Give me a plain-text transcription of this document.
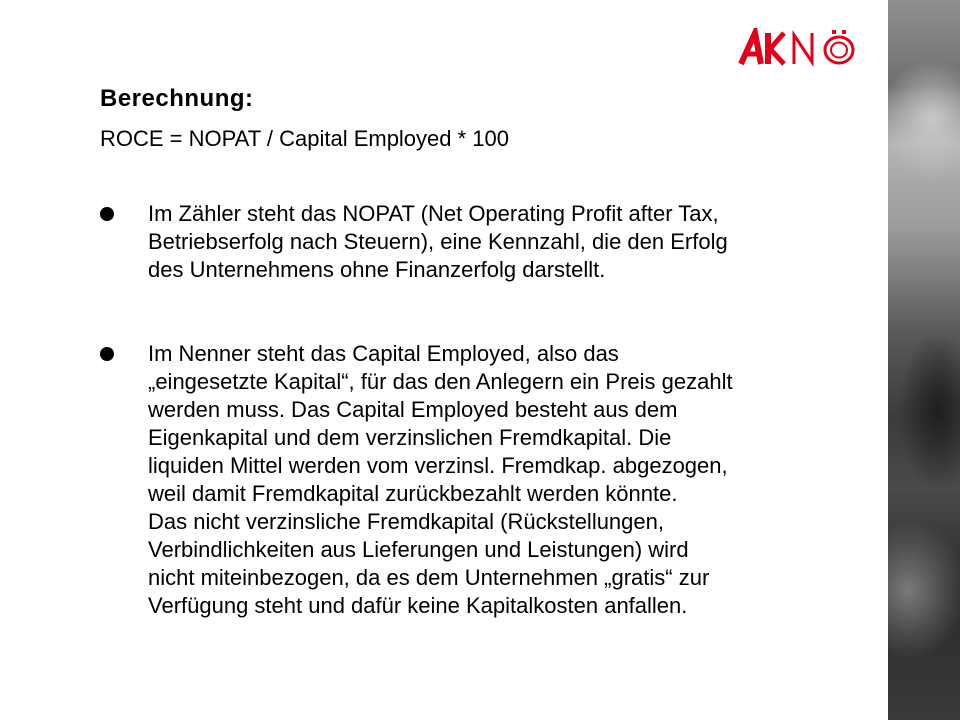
Berechnung:
ROCE = NOPAT / Capital Employed * 100
Im Zähler steht das NOPAT (Net Operating Profit after Tax,
Betriebserfolg nach Steuern), eine Kennzahl, die den Erfolg
des Unternehmens ohne Finanzerfolg darstellt.
Im Nenner steht das Capital Employed, also das
„eingesetzte Kapital“, für das den Anlegern ein Preis gezahlt
werden muss. Das Capital Employed besteht aus dem
Eigenkapital und dem verzinslichen Fremdkapital. Die
liquiden Mittel werden vom verzinsl. Fremdkap. abgezogen,
weil damit Fremdkapital zurückbezahlt werden könnte.
Das nicht verzinsliche Fremdkapital (Rückstellungen,
Verbindlichkeiten aus Lieferungen und Leistungen) wird
nicht miteinbezogen, da es dem Unternehmen „gratis“ zur
Verfügung steht und dafür keine Kapitalkosten anfallen.
